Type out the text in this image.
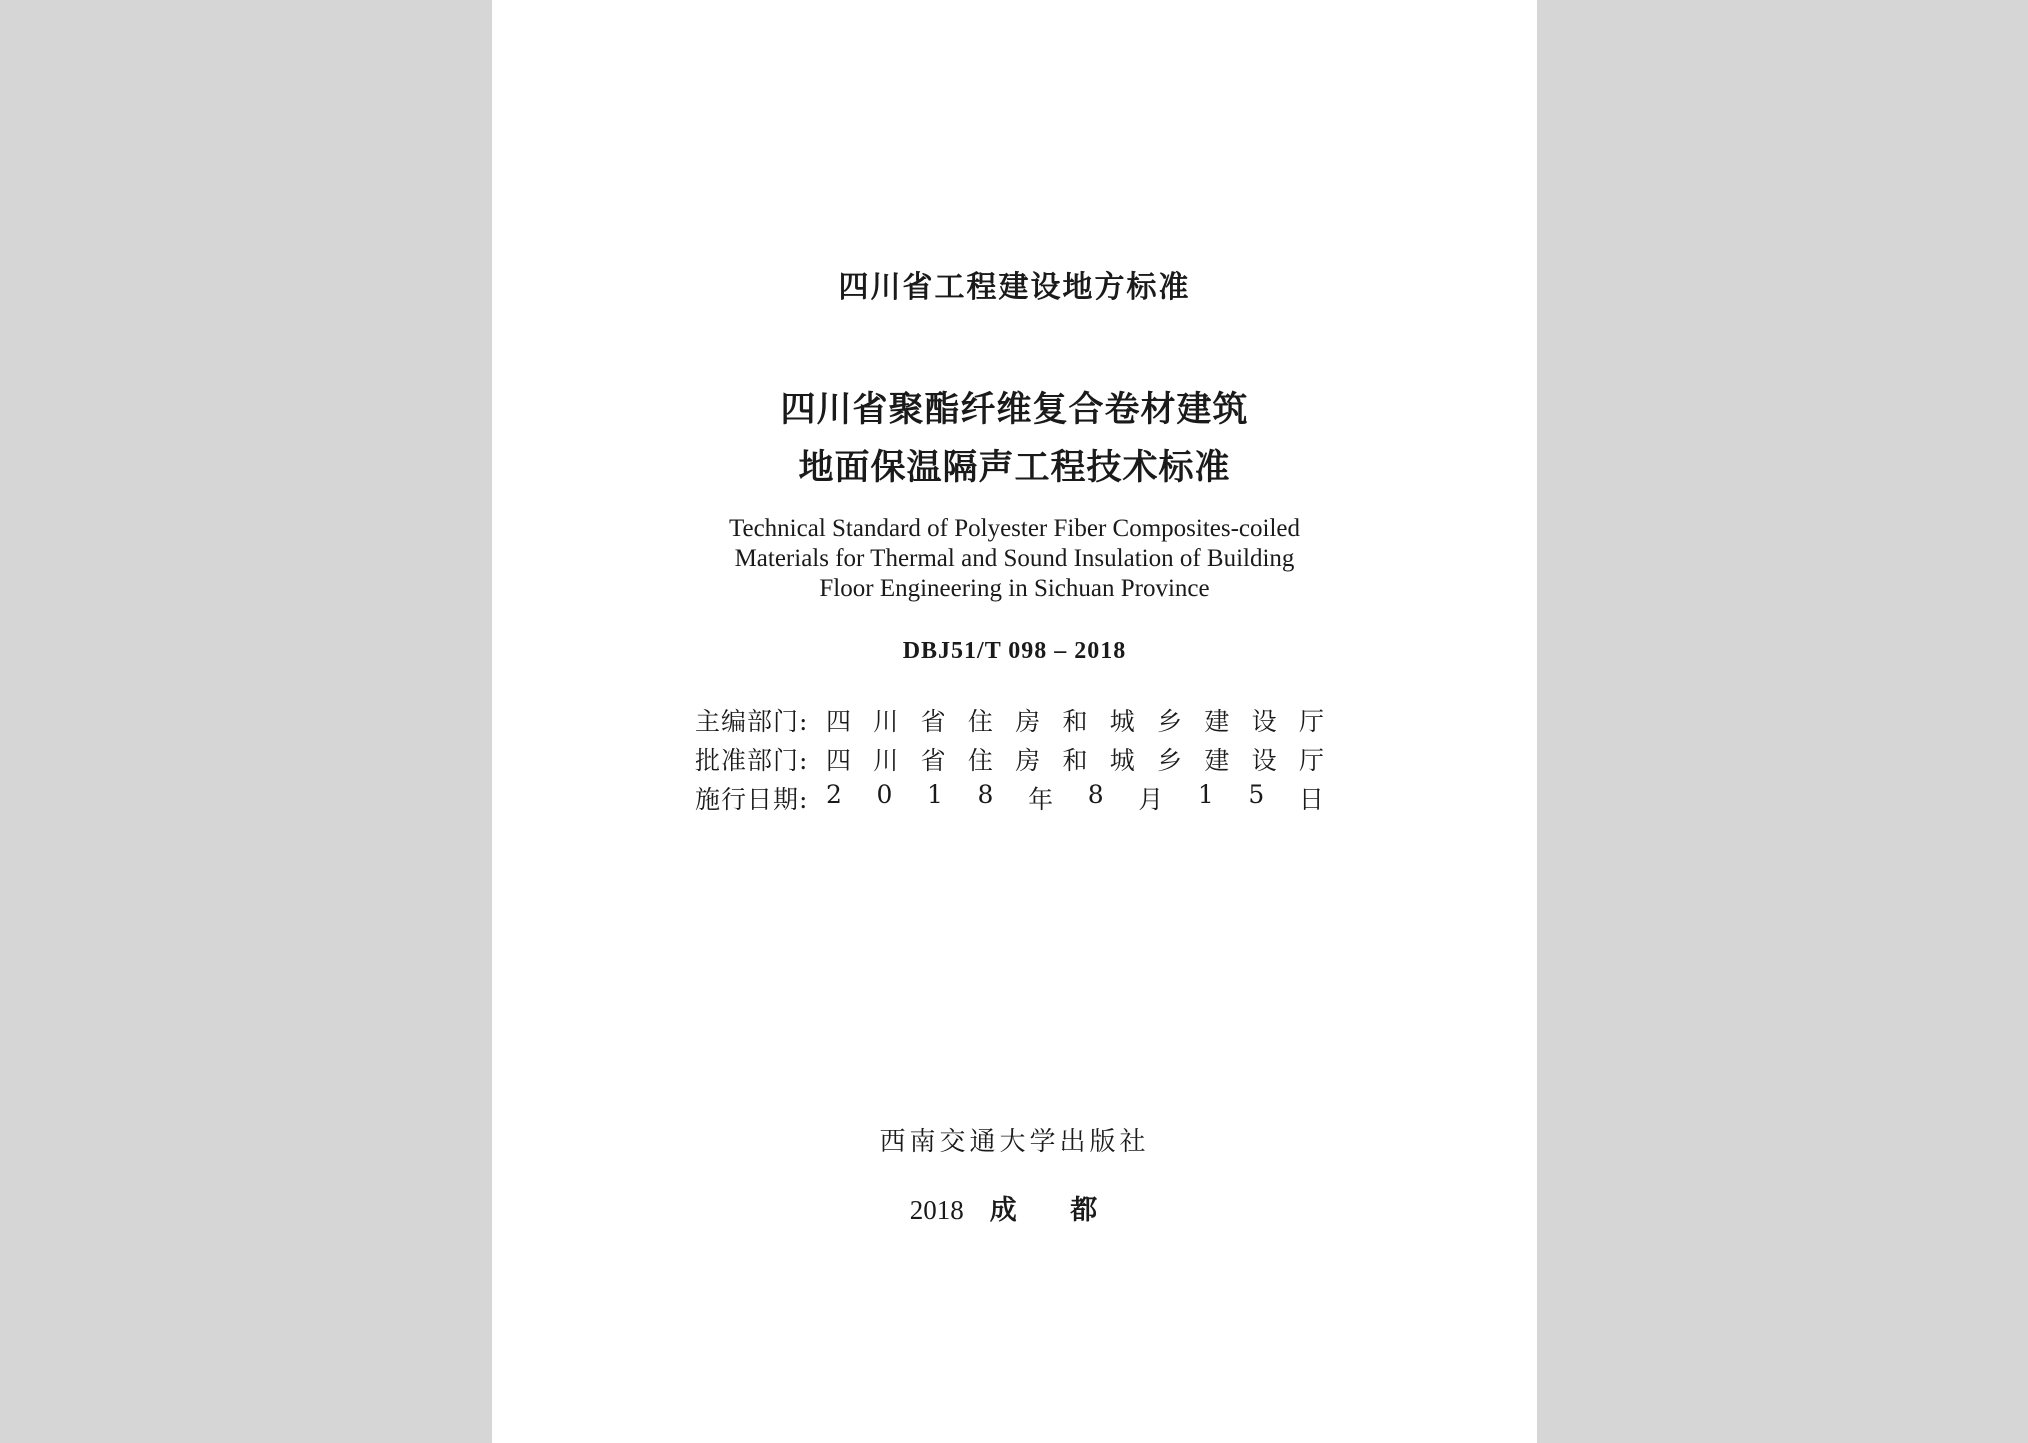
四川省工程建设地方标准
四川省聚酯纤维复合卷材建筑
地面保温隔声工程技术标准
Technical Standard of Polyester Fiber Composites-coiled
Materials for Thermal and Sound Insulation of Building
Floor Engineering in Sichuan Province
DBJ51/T 098 – 2018
主编部门: 四 川 省 住 房 和 城 乡 建 设 厅
批准部门: 四 川 省 住 房 和 城 乡 建 设 厅
施行日期: 2 0 1 8 年 8 月 1 5 日
西南交通大学出版社
2018 成 都
